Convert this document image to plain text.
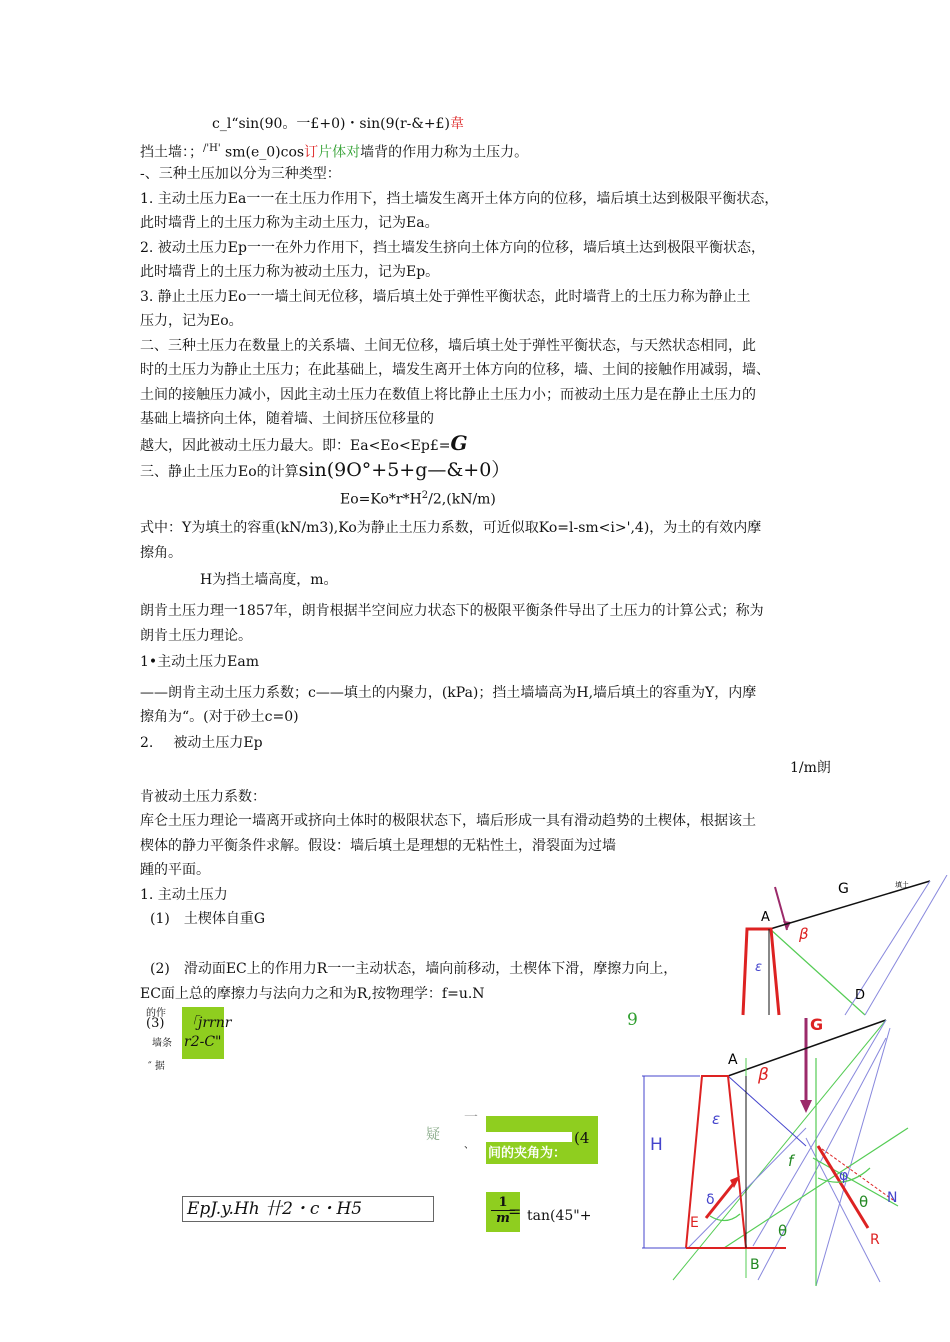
c_l“sin(90。一£+0)・sin(9(r-&+£)韋
挡土墙：；$^{/'H'}$ sm(e_0)cos订片体对墙背的作用力称为土压力。
-、三种土压加以分为三种类型：
1. 主动土压力Ea一一在土压力作用下，挡土墙发生离开土体方向的位移，墙后填土达到极限平衡状态，
此时墙背上的土压力称为主动土压力，记为Ea。
2. 被动土压力Ep一一在外力作用下，挡土墙发生挤向土体方向的位移，墙后填土达到极限平衡状态，
此时墙背上的土压力称为被动土压力，记为Ep。
3. 静止土压力Eo一一墙土间无位移，墙后填土处于弹性平衡状态，此时墙背上的土压力称为静止土
压力，记为Eo。
二、三种土压力在数量上的关系墙、土间无位移，墙后填土处于弹性平衡状态，与天然状态相同，此
时的土压力为静止土压力；在此基础上，墙发生离开土体方向的位移，墙、土间的接触作用减弱，墙、
土间的接触压力减小，因此主动土压力在数值上将比静止土压力小；而被动土压力是在静止土压力的
基础上墙挤向土体，随着墙、土间挤压位移量的
越大，因此被动土压力最大。即：Ea<Eo<Ep£=G
三、静止土压力Eo的计算sin(9O°+5+g—&+0）
$Eo=Ko*r*H^2/2,(kN/m)$
式中：Y为填土的容重(kN/m3),Ko为静止土压力系数，可近似取Ko=l-sm<i>',4)，为土的有效内摩
擦角。
H为挡土墙高度，m。
朗肯土压力理一1857年，朗肯根据半空间应力状态下的极限平衡条件导出了土压力的计算公式；称为
朗肯土压力理论。
1•主动土压力Eam
——朗肯主动土压力系数；c——填土的内聚力，(kPa)；挡土墙墙高为H,墙后填土的容重为Y，内摩
擦角为“。(对于砂土c=0)
2. 被动土压力Ep
1/m朗
肯被动土压力系数：
库仑土压力理论一墙离开或挤向土体时的极限状态下，墙后形成一具有滑动趋势的土楔体，根据该土
楔体的静力平衡条件求解。假设：墙后填土是理想的无粘性土，滑裂面为过墙
踵的平面。
1. 主动土压力
(1)　土楔体自重G
(2)　滑动面EC上的作用力R一一主动状态，墙向前移动，土楔体下滑，摩擦力向上，
EC面上总的摩擦力与法向力之和为R,按物理学：f=u.N
的作
(3)
墙条
″ 据
「jrrnr
r2-C"
9
一
疑
、	(4
间的夹角为：
EpJ.y.Hh 卄2・c・H5	1
m
= tan(45"+
G	填土
A
β
ε
D
G
H
A
β
ε
f
φ
θ N
δ
E	θ	R
B
